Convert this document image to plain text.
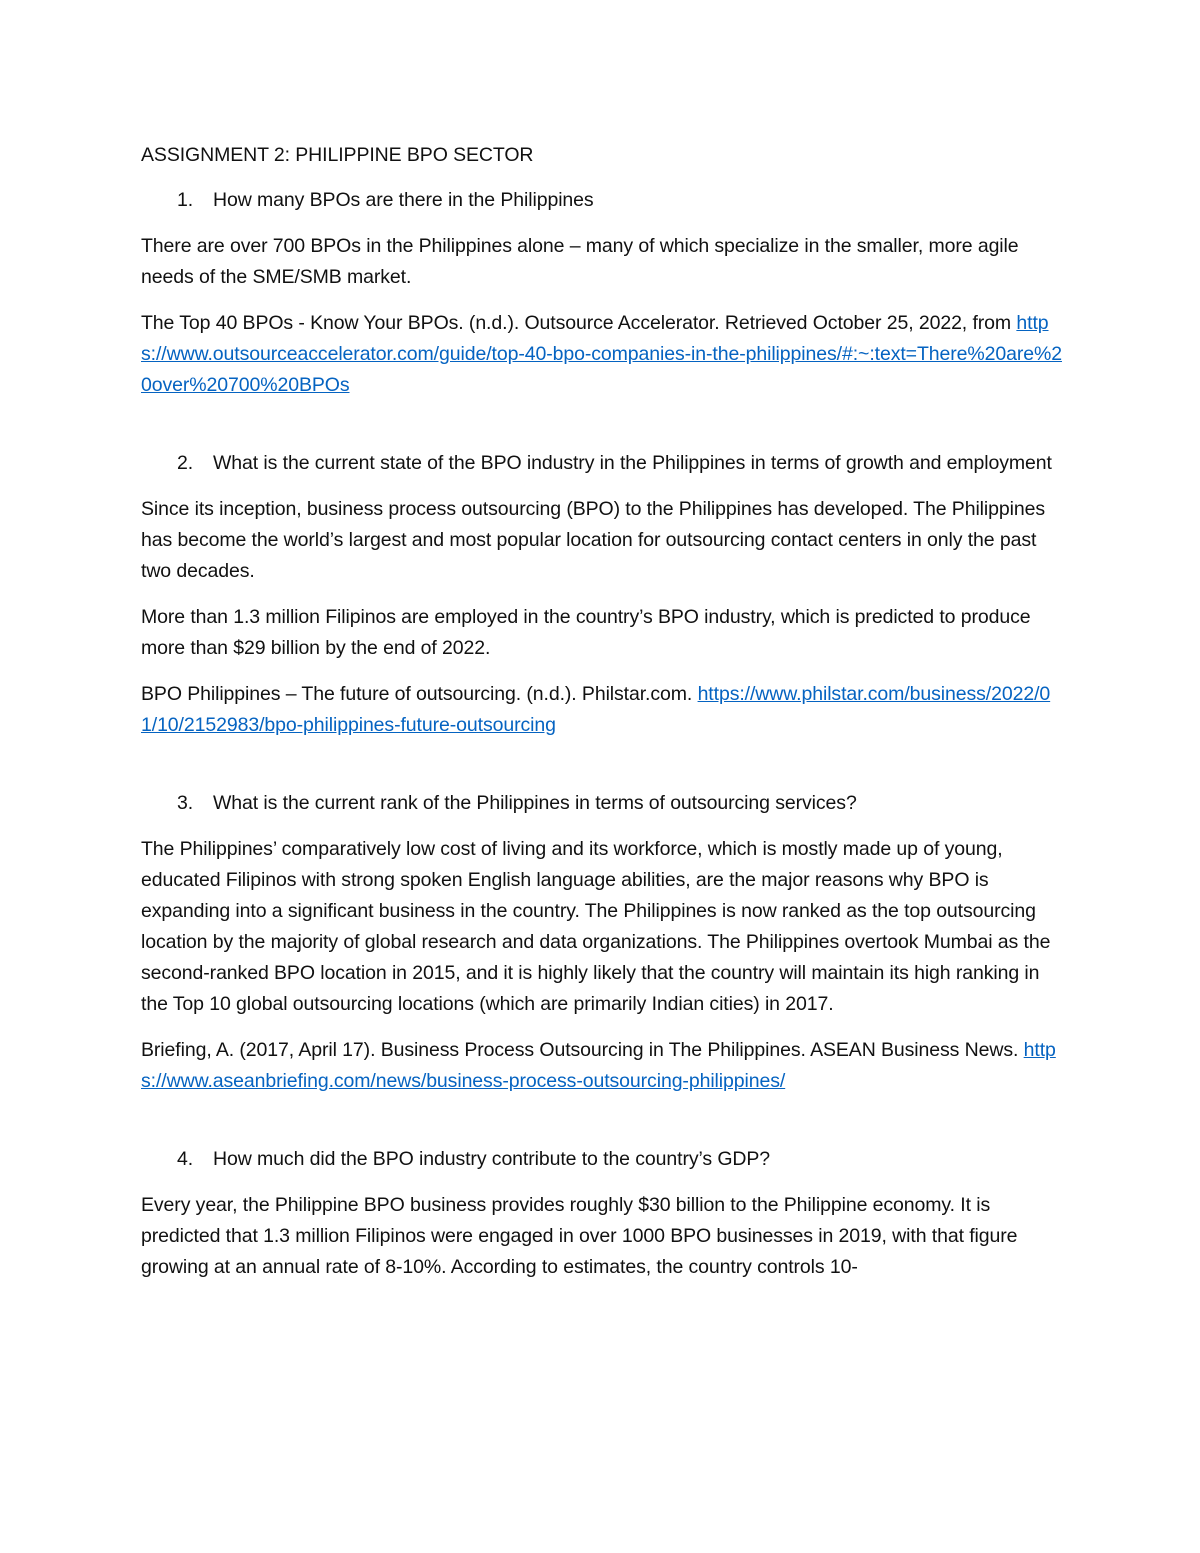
ASSIGNMENT 2: PHILIPPINE BPO SECTOR

1.	How many BPOs are there in the Philippines

There are over 700 BPOs in the Philippines alone – many of which specialize in the smaller, more agile needs of the SME/SMB market.

The Top 40 BPOs - Know Your BPOs. (n.d.). Outsource Accelerator. Retrieved October 25, 2022, from https://www.outsourceaccelerator.com/guide/top-40-bpo-companies-in-the-philippines/#:~:text=There%20are%20over%20700%20BPOs

2.	What is the current state of the BPO industry in the Philippines in terms of growth and employment

Since its inception, business process outsourcing (BPO) to the Philippines has developed. The Philippines has become the world’s largest and most popular location for outsourcing contact centers in only the past two decades.

More than 1.3 million Filipinos are employed in the country’s BPO industry, which is predicted to produce more than $29 billion by the end of 2022.

BPO Philippines – The future of outsourcing. (n.d.). Philstar.com. https://www.philstar.com/business/2022/01/10/2152983/bpo-philippines-future-outsourcing

3.	What is the current rank of the Philippines in terms of outsourcing services?

The Philippines’ comparatively low cost of living and its workforce, which is mostly made up of young, educated Filipinos with strong spoken English language abilities, are the major reasons why BPO is expanding into a significant business in the country. The Philippines is now ranked as the top outsourcing location by the majority of global research and data organizations. The Philippines overtook Mumbai as the second-ranked BPO location in 2015, and it is highly likely that the country will maintain its high ranking in the Top 10 global outsourcing locations (which are primarily Indian cities) in 2017.

Briefing, A. (2017, April 17). Business Process Outsourcing in The Philippines. ASEAN Business News. https://www.aseanbriefing.com/news/business-process-outsourcing-philippines/

4.	How much did the BPO industry contribute to the country’s GDP?

Every year, the Philippine BPO business provides roughly $30 billion to the Philippine economy. It is predicted that 1.3 million Filipinos were engaged in over 1000 BPO businesses in 2019, with that figure growing at an annual rate of 8-10%. According to estimates, the country controls 10-
